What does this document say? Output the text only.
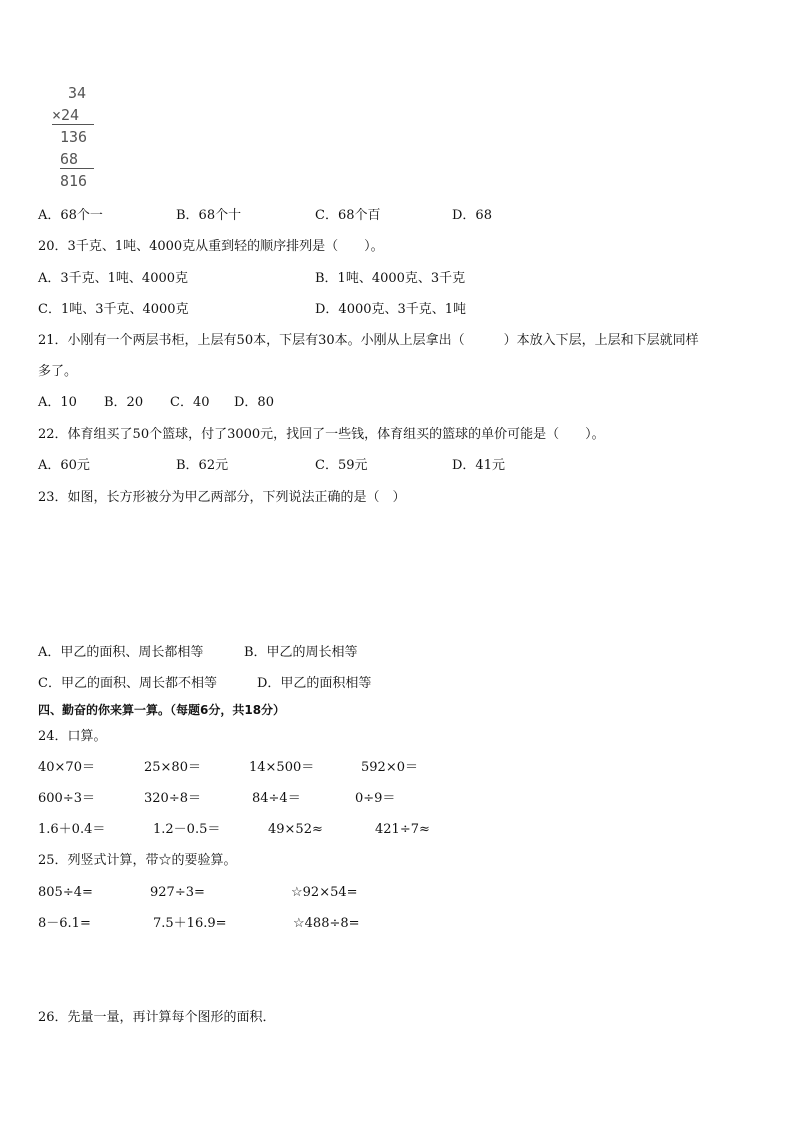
34
×24
136
68
816
A．68个一	B．68个十	C．68个百	D．68
20．3千克、1吨、4000克从重到轻的顺序排列是（　　）。
A．3千克、1吨、4000克	B．1吨、4000克、3千克
C．1吨、3千克、4000克	D．4000克、3千克、1吨
21．小刚有一个两层书柜，上层有50本，下层有30本。小刚从上层拿出（　　　）本放入下层，上层和下层就同样
多了。
A．10 B．20 C．40 D．80
22．体育组买了50个篮球，付了3000元，找回了一些钱，体育组买的篮球的单价可能是（　　）。
A．60元	B．62元	C．59元	D．41元
23．如图，长方形被分为甲乙两部分，下列说法正确的是（　）
A．甲乙的面积、周长都相等	B．甲乙的周长相等
C．甲乙的面积、周长都不相等	D．甲乙的面积相等
四、勤奋的你来算一算。（每题6分，共18分）
24．口算。
40×70＝	25×80＝	14×500＝	592×0＝
600÷3＝	320÷8＝	84÷4＝	0÷9＝
1.6＋0.4＝	1.2－0.5＝	49×52≈	421÷7≈
25．列竖式计算，带☆的要验算。
805÷4=	927÷3=	☆92×54=
8－6.1=	7.5＋16.9=	☆488÷8=
26．先量一量，再计算每个图形的面积．
